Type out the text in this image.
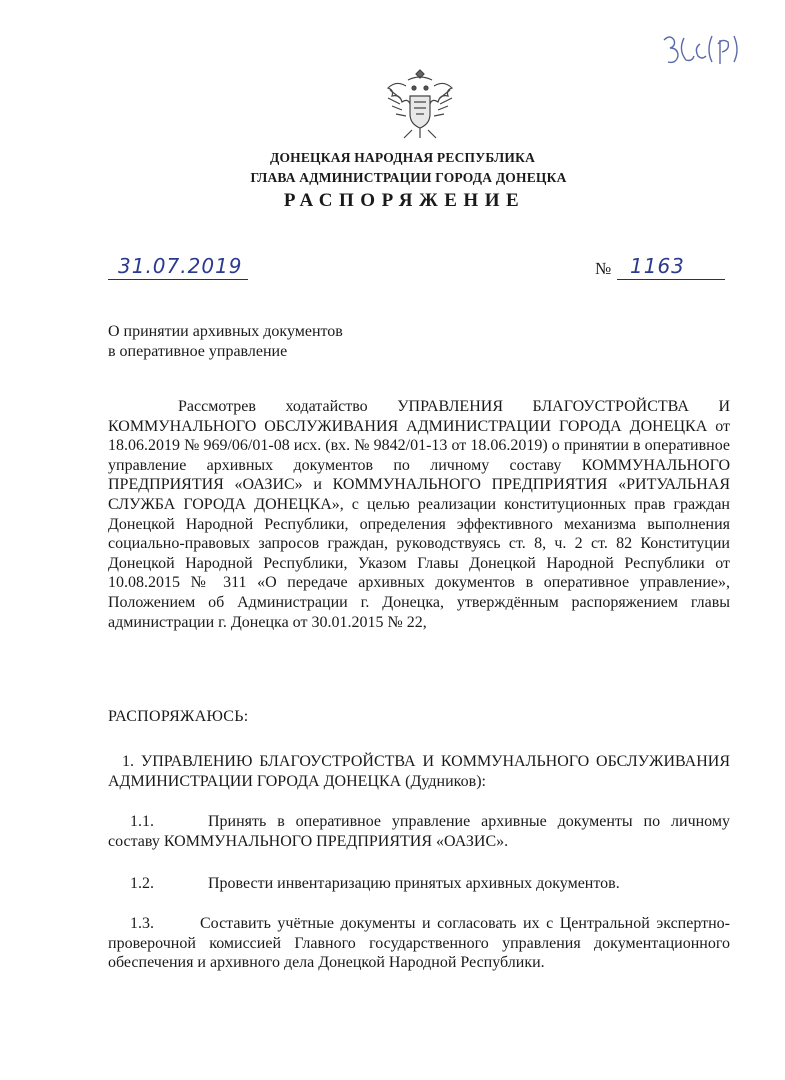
ДОНЕЦКАЯ НАРОДНАЯ РЕСПУБЛИКА
ГЛАВА АДМИНИСТРАЦИИ ГОРОДА ДОНЕЦКА
РАСПОРЯЖЕНИЕ
31.07.2019	№ 1163
О принятии архивных документов
в оперативное управление
Рассмотрев ходатайство УПРАВЛЕНИЯ БЛАГОУСТРОЙСТВА И КОММУНАЛЬНОГО ОБСЛУЖИВАНИЯ АДМИНИСТРАЦИИ ГОРОДА ДОНЕЦКА от 18.06.2019 № 969/06/01-08 исх. (вх. № 9842/01-13 от 18.06.2019) о принятии в оперативное управление архивных документов по личному составу КОММУНАЛЬНОГО ПРЕДПРИЯТИЯ «ОАЗИС» и КОММУНАЛЬНОГО ПРЕДПРИЯТИЯ «РИТУАЛЬНАЯ СЛУЖБА ГОРОДА ДОНЕЦКА», с целью реализации конституционных прав граждан Донецкой Народной Республики, определения эффективного механизма выполнения социально-правовых запросов граждан, руководствуясь ст. 8, ч. 2 ст. 82 Конституции Донецкой Народной Республики, Указом Главы Донецкой Народной Республики от 10.08.2015 № 311 «О передаче архивных документов в оперативное управление», Положением об Администрации г. Донецка, утверждённым распоряжением главы администрации г. Донецка от 30.01.2015 № 22,
РАСПОРЯЖАЮСЬ:
1. УПРАВЛЕНИЮ БЛАГОУСТРОЙСТВА И КОММУНАЛЬНОГО ОБСЛУЖИВАНИЯ АДМИНИСТРАЦИИ ГОРОДА ДОНЕЦКА (Дудников):
1.1.	Принять в оперативное управление архивные документы по личному составу КОММУНАЛЬНОГО ПРЕДПРИЯТИЯ «ОАЗИС».
1.2.	Провести инвентаризацию принятых архивных документов.
1.3.	Составить учётные документы и согласовать их с Центральной экспертно-проверочной комиссией Главного государственного управления документационного обеспечения и архивного дела Донецкой Народной Республики.
